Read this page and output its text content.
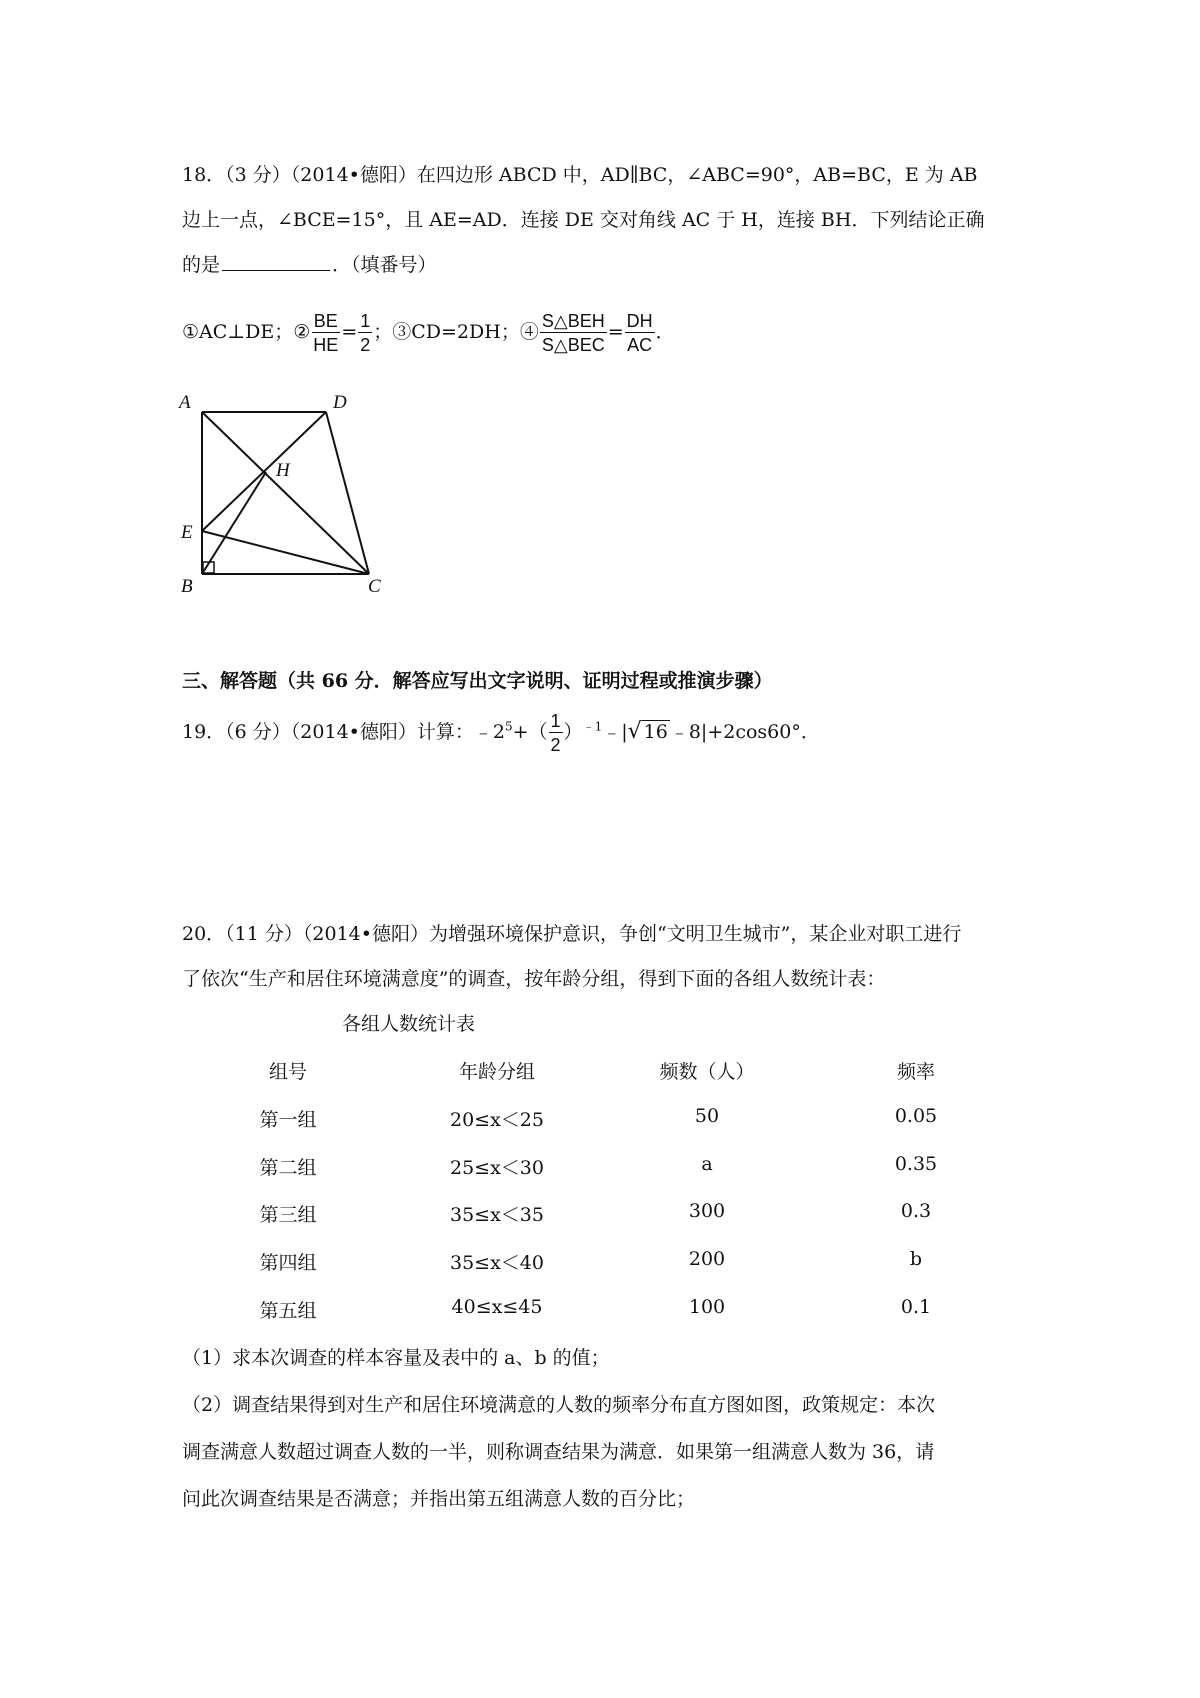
18．（3 分）（2014•德阳）在四边形 ABCD 中，AD∥BC，∠ABC=90°，AB=BC，E 为 AB
边上一点，∠BCE=15°，且 AE=AD．连接 DE 交对角线 AC 于 H，连接 BH．下列结论正确
的是	．（填番号）
①AC⊥DE；② $\frac{BE}{HE} = \frac{1}{2}$ ；③CD=2DH；④ $\frac{\text{S△BEH}}{\text{S△BEC}} = \frac{DH}{AC}$ ．
A	D
H
E
B	C
三、解答题（共 66 分．解答应写出文字说明、证明过程或推演步骤）
19．（6 分）（2014•德阳）计算：$﹣2^5+( \frac{1}{2}$ ）$^{﹣1}$﹣|√ 16 ﹣8|+2cos60°．
20．（11 分）（2014•德阳）为增强环境保护意识，争创“文明卫生城市”，某企业对职工进行
了依次“生产和居住环境满意度”的调查，按年龄分组，得到下面的各组人数统计表：
各组人数统计表
组号	年龄分组	频数（人）	频率
第一组	20≤x＜25	50	0.05
第二组	25≤x＜30	a	0.35
第三组	35≤x＜35	300	0.3
第四组	35≤x＜40	200	b
第五组	40≤x≤45	100	0.1
（1）求本次调查的样本容量及表中的 a、b 的值；
（2）调查结果得到对生产和居住环境满意的人数的频率分布直方图如图，政策规定：本次
调查满意人数超过调查人数的一半，则称调查结果为满意．如果第一组满意人数为 36，请
问此次调查结果是否满意；并指出第五组满意人数的百分比；
